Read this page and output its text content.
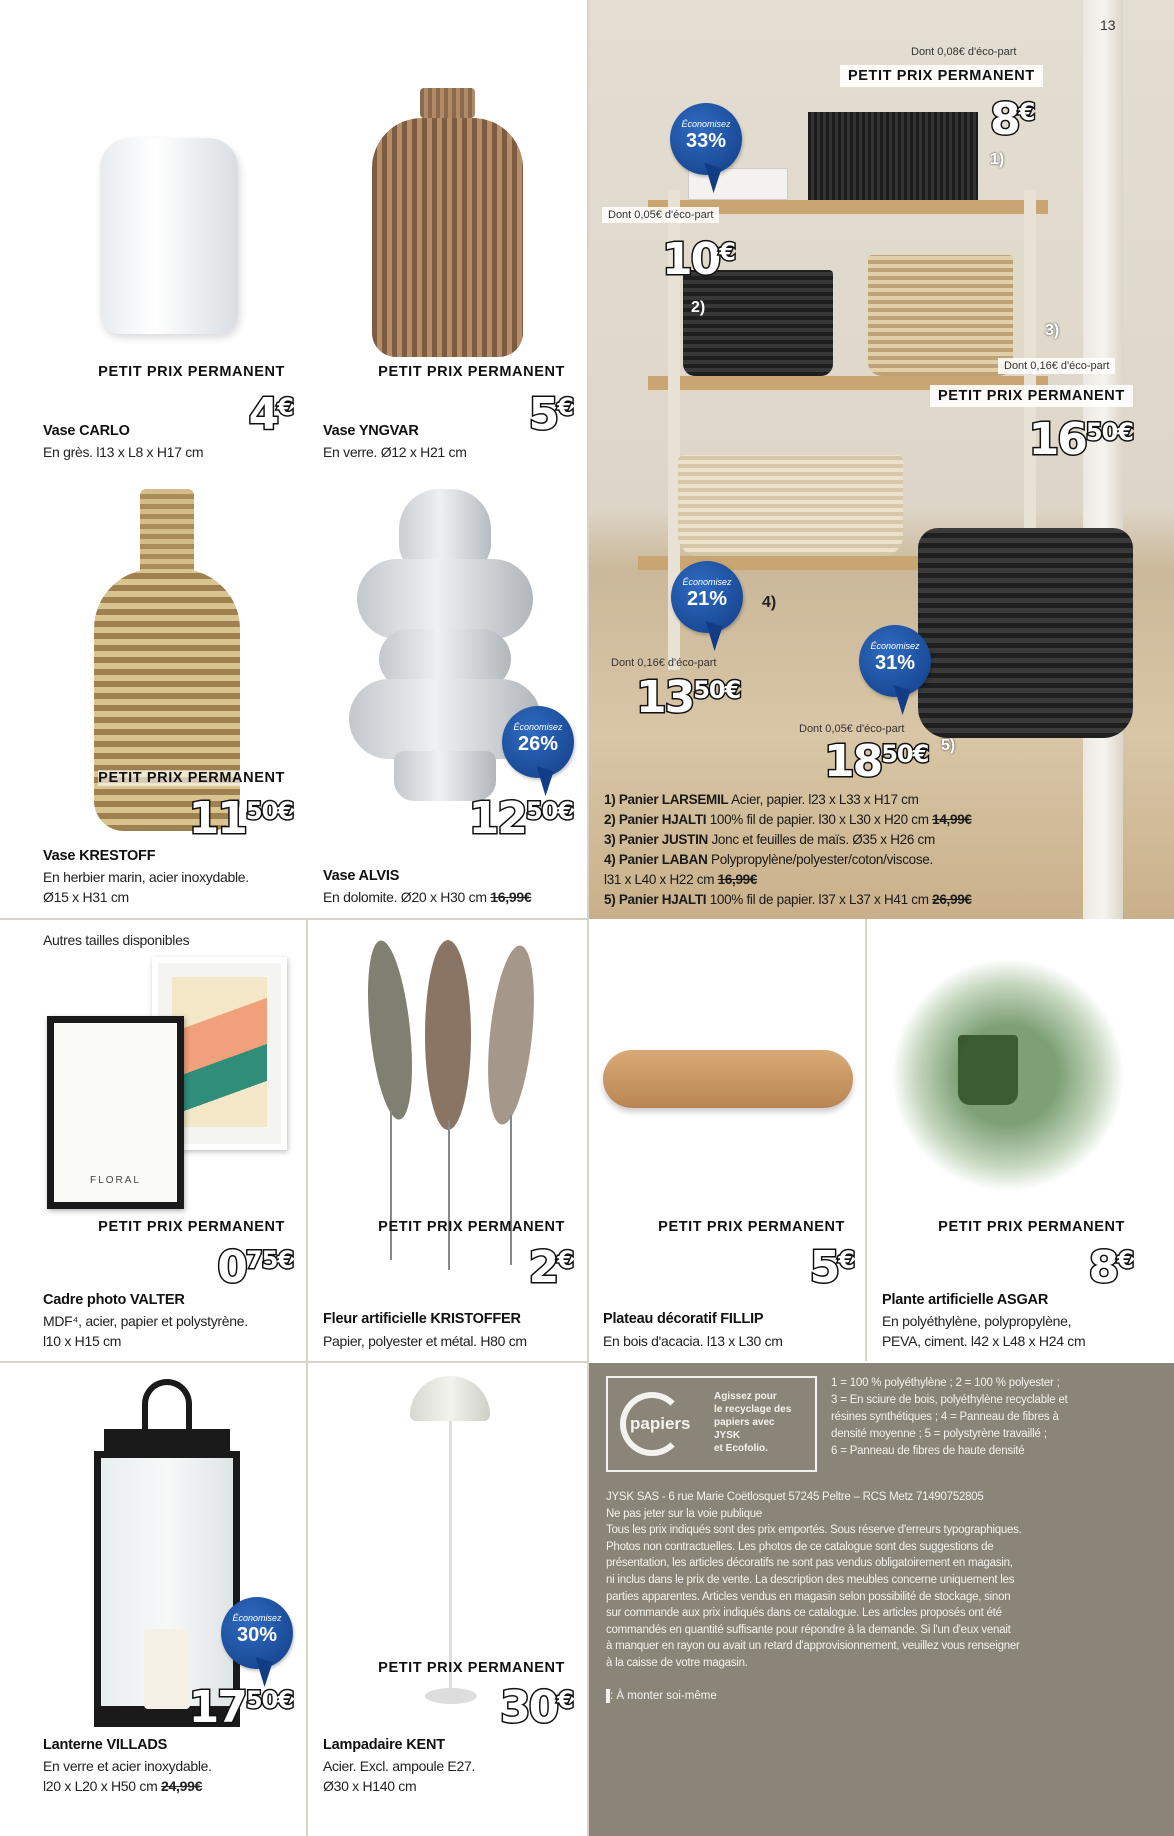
PETIT PRIX PERMANENT	PETIT PRIX PERMANENT
4€	5€
Vase CARLO
En grès. l13 x L8 x H17 cm
Vase YNGVAR
En verre. Ø12 x H21 cm
Économisez
26%
PETIT PRIX PERMANENT
1150€	1250€
Vase KRESTOFF
En herbier marin, acier inoxydable.
Ø15 x H31 cm
Vase ALVIS
En dolomite. Ø20 x H30 cm 16,99€
13
Dont 0,08€ d'éco-part
PETIT PRIX PERMANENT
8€
1)
Économisez
33%
Dont 0,05€ d'éco-part
10€
2)
3)
Dont 0,16€ d'éco-part
PETIT PRIX PERMANENT
1650€
Économisez
21%	4)
Économisez
31%
Dont 0,16€ d'éco-part
1350€
Dont 0,05€ d'éco-part
1850€ 5)
1) Panier LARSEMIL Acier, papier. l23 x L33 x H17 cm
2) Panier HJALTI 100% fil de papier. l30 x L30 x H20 cm 14,99€
3) Panier JUSTIN Jonc et feuilles de maïs. Ø35 x H26 cm
4) Panier LABAN Polypropylène/polyester/coton/viscose.
l31 x L40 x H22 cm 16,99€
5) Panier HJALTI 100% fil de papier. l37 x L37 x H41 cm 26,99€
Autres tailles disponibles
FLORAL
PETIT PRIX PERMANENT	PETIT PRIX PERMANENT	PETIT PRIX PERMANENT	PETIT PRIX PERMANENT
075€	2€	5€	8€
Cadre photo VALTER
MDF⁴, acier, papier et polystyrène.
l10 x H15 cm
Fleur artificielle KRISTOFFER
Papier, polyester et métal. H80 cm
Plateau décoratif FILLIP
En bois d'acacia. l13 x L30 cm
Plante artificielle ASGAR
En polyéthylène, polypropylène,
PEVA, ciment. l42 x L48 x H24 cm
Économisez
30%
1750€
PETIT PRIX PERMANENT
30€
Lanterne VILLADS
En verre et acier inoxydable.
l20 x L20 x H50 cm 24,99€
Lampadaire KENT
Acier. Excl. ampoule E27.
Ø30 x H140 cm
papiers
Agissez pour
le recyclage des
papiers avec
JYSK
et Ecofolio.
1 = 100 % polyéthylène ; 2 = 100 % polyester ;
3 = En sciure de bois, polyéthylène recyclable et
résines synthétiques ; 4 = Panneau de fibres à
densité moyenne ; 5 = polystyrène travaillé ;
6 = Panneau de fibres de haute densité
JYSK SAS - 6 rue Marie Coëtlosquet 57245 Peltre – RCS Metz 71490752805
Ne pas jeter sur la voie publique
Tous les prix indiqués sont des prix emportés. Sous réserve d'erreurs typographiques.
Photos non contractuelles. Les photos de ce catalogue sont des suggestions de
présentation, les articles décoratifs ne sont pas vendus obligatoirement en magasin,
ni inclus dans le prix de vente. La description des meubles concerne uniquement les
parties apparentes. Articles vendus en magasin selon possibilité de stockage, sinon
sur commande aux prix indiqués dans ce catalogue. Les articles proposés ont été
commandés en quantité suffisante pour répondre à la demande. Si l'un d'eux venait
à manquer en rayon ou avait un retard d'approvisionnement, veuillez vous renseigner
à la caisse de votre magasin.
: À monter soi-même
